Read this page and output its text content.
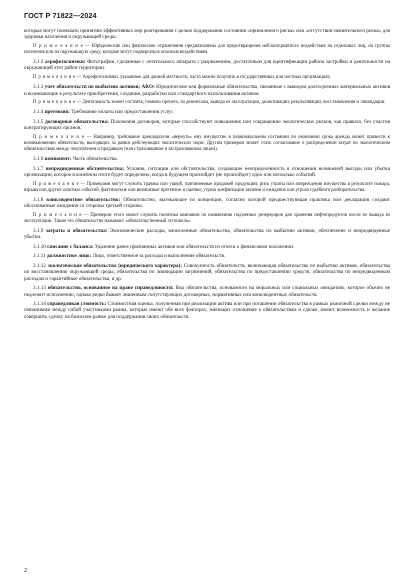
ГОСТ Р 71822—2024

которые могут помешать принятию эффективных мер реагирования с целью поддержания состояния «приемлемого риска» или «отсутствия значительного риска» для здоровья населения и окружающей среды.

П р и м е ч а н и е — Юридические или физические ограничения предназначены для предотвращения неблагоприятного воздействия на отдельных лиц, на группы населения или на окружающую среду, которые могут подвергаться опасным воздействиям.

3.1.2 аэрофотоснимки: Фотографии, сделанные с летательного аппарата с разрешением, достаточным для идентификации района застройки и деятельности на окружающей этот район территории.

П р и м е ч а н и е — Аэрофотоснимки, указанные для данной местности, часто можно получить в государственных или частных организациях.

3.1.3 учет обязательств по выбытию активов; ARO: Юридические или формальные обязательства, связанные с выводом долгосрочных материальных активов и возникающие в результате приобретения, создания, разработки или стандартного использования активов.

П р и м е ч а н и е — Деятельность может состоять, помимо прочего, из демонтажа, вывода из эксплуатации, дезактивации, рекультивации, восстановления и ликвидации.

3.1.4 претензия: Требование оплаты или предоставления услуг.

3.1.5 договорные обязательства: Положения договоров, которые способствуют повышению или сокращению экологических рисков, как правило, без участия контрагирующих органов.

П р и м е ч а н и е — Например, требование арендодателя «вернуть» ему имущество в первоначальном состоянии по окончании срока аренды может привести к возникновению обязательств, выходящих за рамки действующих экологических норм. Другим примером может стать согласование о распределении затрат по экологическим обязательствам между покупателем и продавцом (или страховщиком и застрахованным лицом).

3.1.6 компонент: Часть обязательства.

3.1.7 непредвиденные обстоятельства: Условия, ситуации или обстоятельства, создающие неопределенность в отношении возможной выгоды или убытка организации, которое в конечном итоге будет определено, когда в будущем произойдет (не произойдет) одно или несколько событий.

П р и м е ч а н и е — Примерами могут служить травмы или ущерб, причиненные продажей продукции; риск утраты или повреждения имущества в результате пожара, взрыва или других опасных событий; фактические или возможные претензии и оценки; угроза конфискации активов и ожидание или угроза судебного разбирательства.

3.1.8 конклюдентное обязательство: Обязательство, вытекающее из концепции, согласно которой предшествующая практика или декларация создают обоснованные ожидания со стороны третьей стороны.

П р и м е ч а н и е — Примером этого может служить политика компании по назначению подземных резервуаров для хранения нефтепродуктов после их вывода из эксплуатации. Также это обязательство называют «обязательственный эстоппель».

3.1.9 затраты и обязательства: Экономические расходы, начисленные обязательства, обязательства по выбытию активов, обеспечение и непредвиденные убытки.

3.1.10 списание с баланса: Удаление ранее признанных активов или обязательств из отчета о финансовом положении.

3.1.11 должностное лицо: Лицо, ответственное за расходы и выполнение обязательств.

3.1.12 экологические обязательства (юридического характера): Совокупность обязательств, включающая обязательства по выбытию активов, обязательства по восстановлению окружающей среды, обязательства по ликвидации загрязнений, обязательства по предоставлению средств, обязательства по непредвиденным расходам и гарантийные обязательства, и др.

3.1.13 обязательство, основанное на праве справедливости: Вид обязательства, основанного на моральных или социальных ожиданиях, которое обычно не подлежит исполнению, однако редко бывает лишенным сопутствующих договорных, нормативных или конклюдентных обязательств.

3.1.14 справедливая стоимость: Стоимостная оценка, полученная при реализации актива или при погашении обязательства в рамках рыночной сделки между не связанными между собой участниками рынка, которые имеют обе всех факторах, имеющих отношение к обязательствам и сделке, имеют возможность и желание совершить сделку на базисном рынке для поддержания своих обязательств.

2
